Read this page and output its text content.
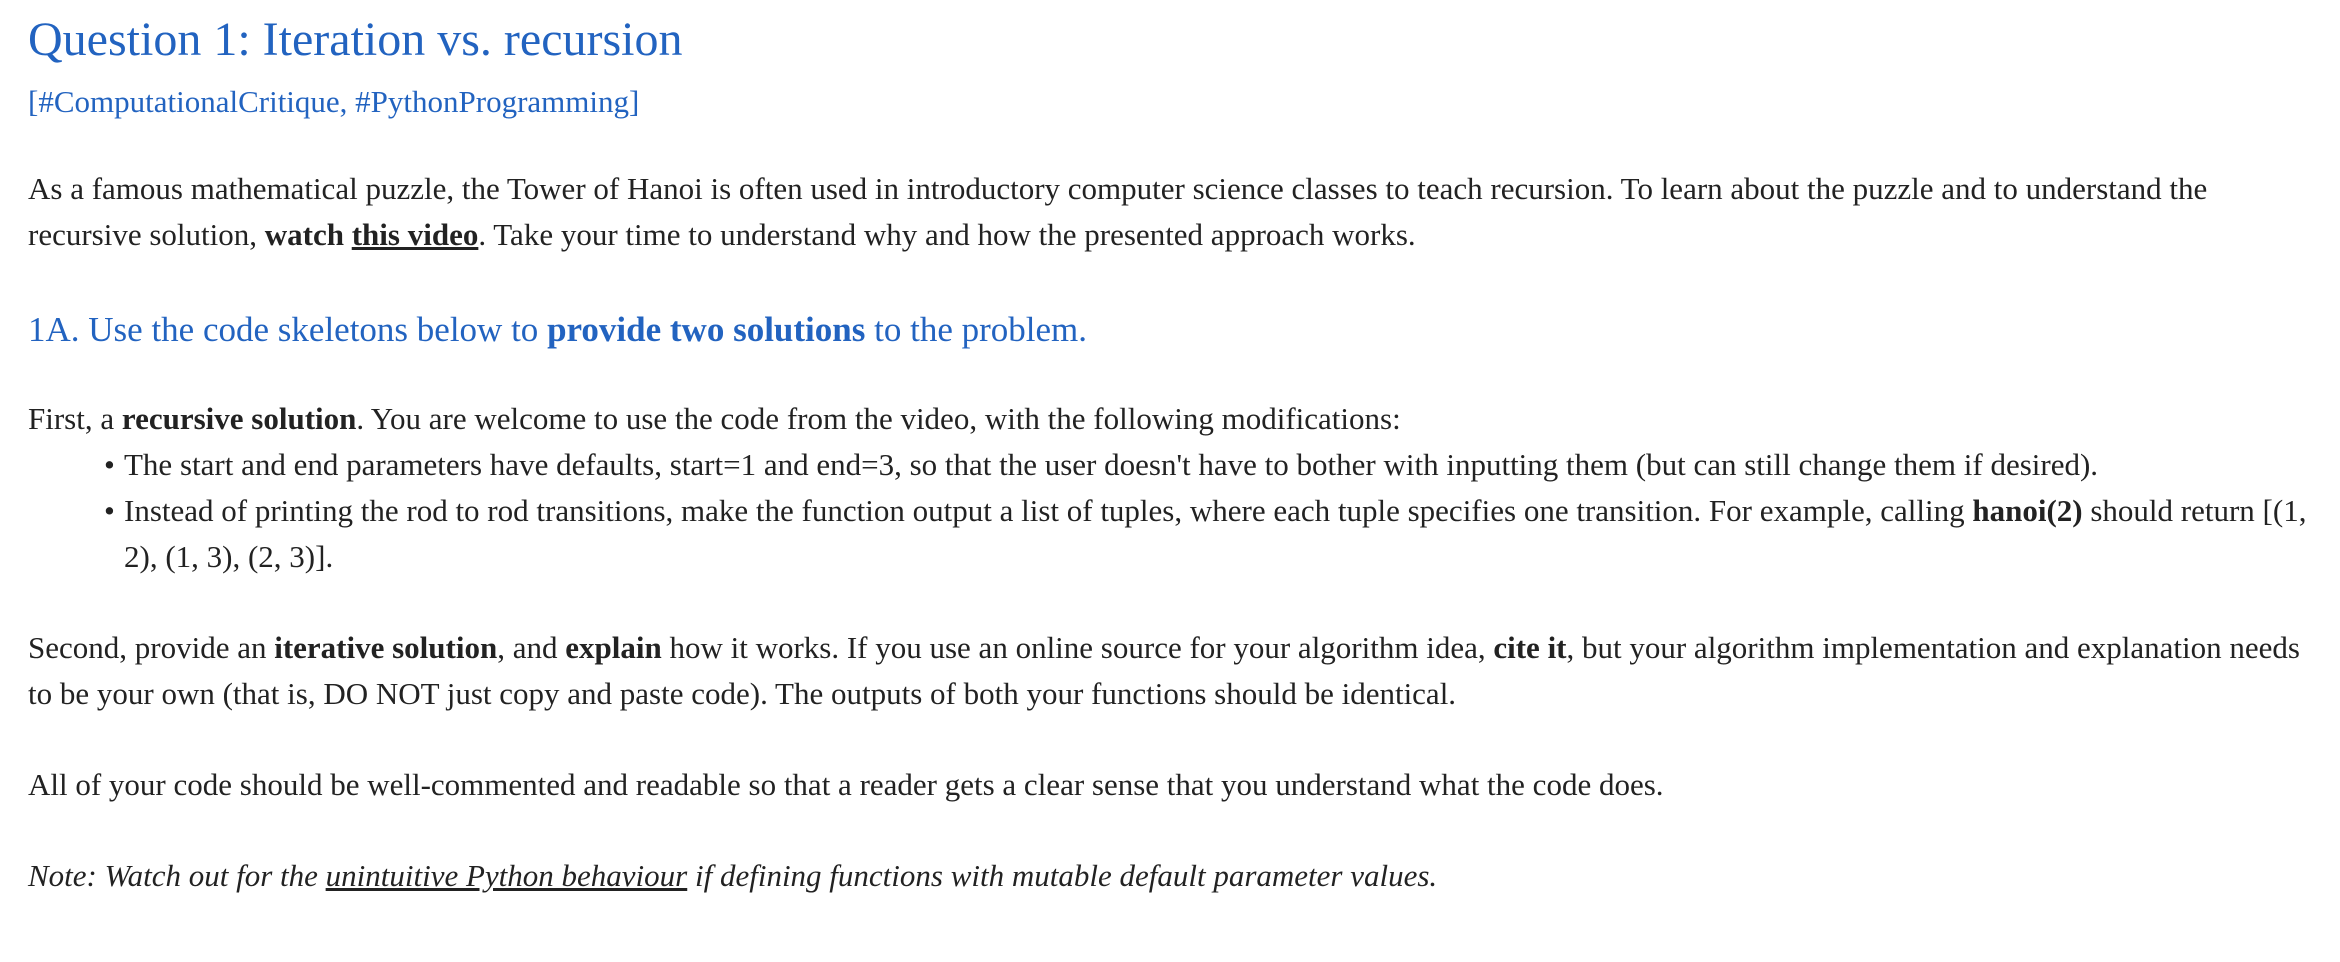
Question 1: Iteration vs. recursion
[#ComputationalCritique, #PythonProgramming]

As a famous mathematical puzzle, the Tower of Hanoi is often used in introductory computer science classes to teach recursion. To learn about the puzzle and to understand the recursive solution, watch this video. Take your time to understand why and how the presented approach works.

1A. Use the code skeletons below to provide two solutions to the problem.

First, a recursive solution. You are welcome to use the code from the video, with the following modifications:

• The start and end parameters have defaults, start=1 and end=3, so that the user doesn't have to bother with inputting them (but can still change them if desired).
• Instead of printing the rod to rod transitions, make the function output a list of tuples, where each tuple specifies one transition. For example, calling hanoi(2) should return [(1, 2), (1, 3), (2, 3)].

Second, provide an iterative solution, and explain how it works. If you use an online source for your algorithm idea, cite it, but your algorithm implementation and explanation needs to be your own (that is, DO NOT just copy and paste code). The outputs of both your functions should be identical.

All of your code should be well-commented and readable so that a reader gets a clear sense that you understand what the code does.

Note: Watch out for the unintuitive Python behaviour if defining functions with mutable default parameter values.
